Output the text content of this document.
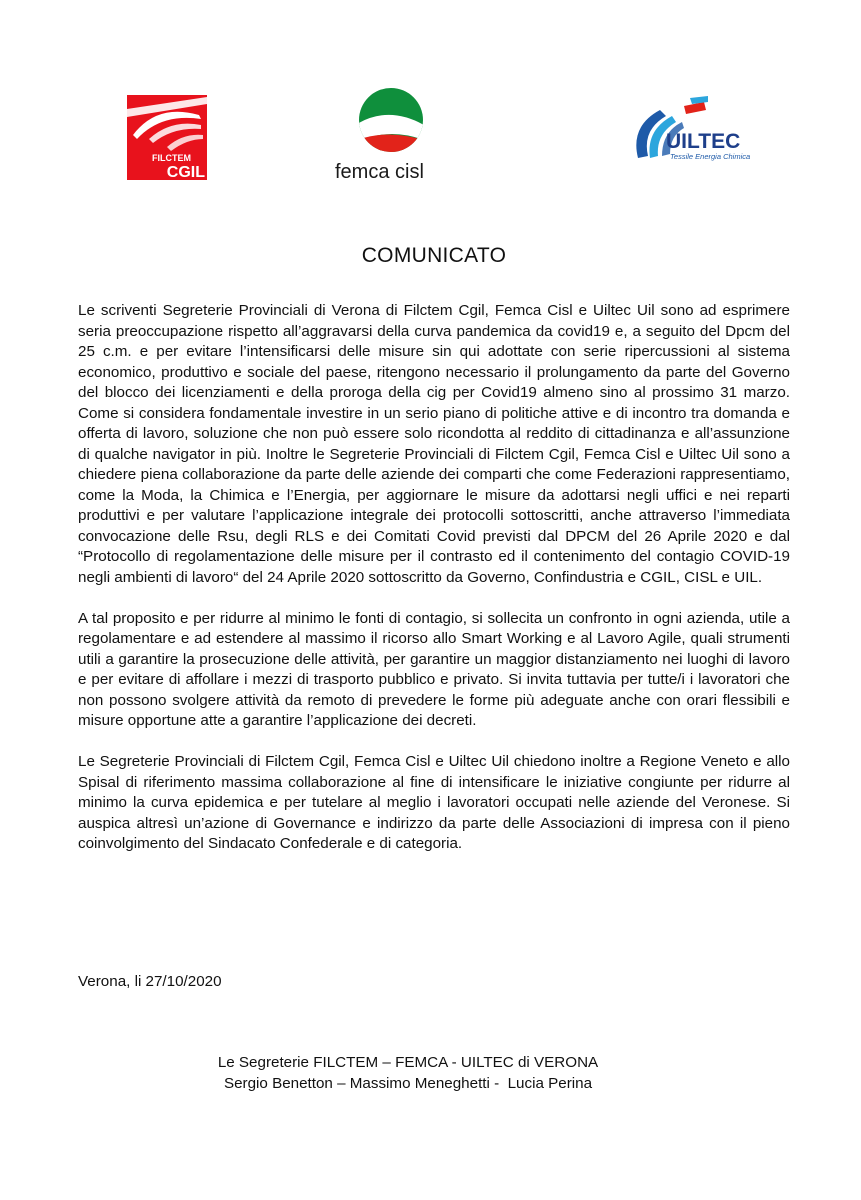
FILCTEM
CGIL	femca cisl
UILTEC
Tessile Energia Chimica
COMUNICATO

Le scriventi Segreterie Provinciali di Verona di Filctem Cgil, Femca Cisl e Uiltec Uil sono ad esprimere seria preoccupazione rispetto all’aggravarsi della curva pandemica da covid19 e, a seguito del Dpcm del 25 c.m. e per evitare l’intensificarsi delle misure sin qui adottate con serie ripercussioni al sistema economico, produttivo e sociale del paese, ritengono necessario il prolungamento da parte del Governo del blocco dei licenziamenti e della proroga della cig per Covid19 almeno sino al prossimo 31 marzo. Come si considera fondamentale investire in un serio piano di politiche attive e di incontro tra domanda e offerta di lavoro, soluzione che non può essere solo ricondotta al reddito di cittadinanza e all’assunzione di qualche navigator in più. Inoltre le Segreterie Provinciali di Filctem Cgil, Femca Cisl e Uiltec Uil sono a chiedere piena collaborazione da parte delle aziende dei comparti che come Federazioni rappresentiamo, come la Moda, la Chimica e l’Energia, per aggiornare le misure da adottarsi negli uffici e nei reparti produttivi e per valutare l’applicazione integrale dei protocolli sottoscritti, anche attraverso l’immediata convocazione delle Rsu, degli RLS e dei Comitati Covid previsti dal DPCM del 26 Aprile 2020 e dal “Protocollo di regolamentazione delle misure per il contrasto ed il contenimento del contagio COVID-19 negli ambienti di lavoro“ del 24 Aprile 2020 sottoscritto da Governo, Confindustria e CGIL, CISL e UIL.

A tal proposito e per ridurre al minimo le fonti di contagio, si sollecita un confronto in ogni azienda, utile a regolamentare e ad estendere al massimo il ricorso allo Smart Working e al Lavoro Agile, quali strumenti utili a garantire la prosecuzione delle attività, per garantire un maggior distanziamento nei luoghi di lavoro e per evitare di affollare i mezzi di trasporto pubblico e privato. Si invita tuttavia per tutte/i i lavoratori che non possono svolgere attività da remoto di prevedere le forme più adeguate anche con orari flessibili e misure opportune atte a garantire l’applicazione dei decreti.

Le Segreterie Provinciali di Filctem Cgil, Femca Cisl e Uiltec Uil chiedono inoltre a Regione Veneto e allo Spisal di riferimento massima collaborazione al fine di intensificare le iniziative congiunte per ridurre al minimo la curva epidemica e per tutelare al meglio i lavoratori occupati nelle aziende del Veronese. Si auspica altresì un’azione di Governance e indirizzo da parte delle Associazioni di impresa con il pieno coinvolgimento del Sindacato Confederale e di categoria.

Verona, li 27/10/2020
Le Segreterie FILCTEM – FEMCA - UILTEC di VERONA
Sergio Benetton – Massimo Meneghetti -  Lucia Perina
